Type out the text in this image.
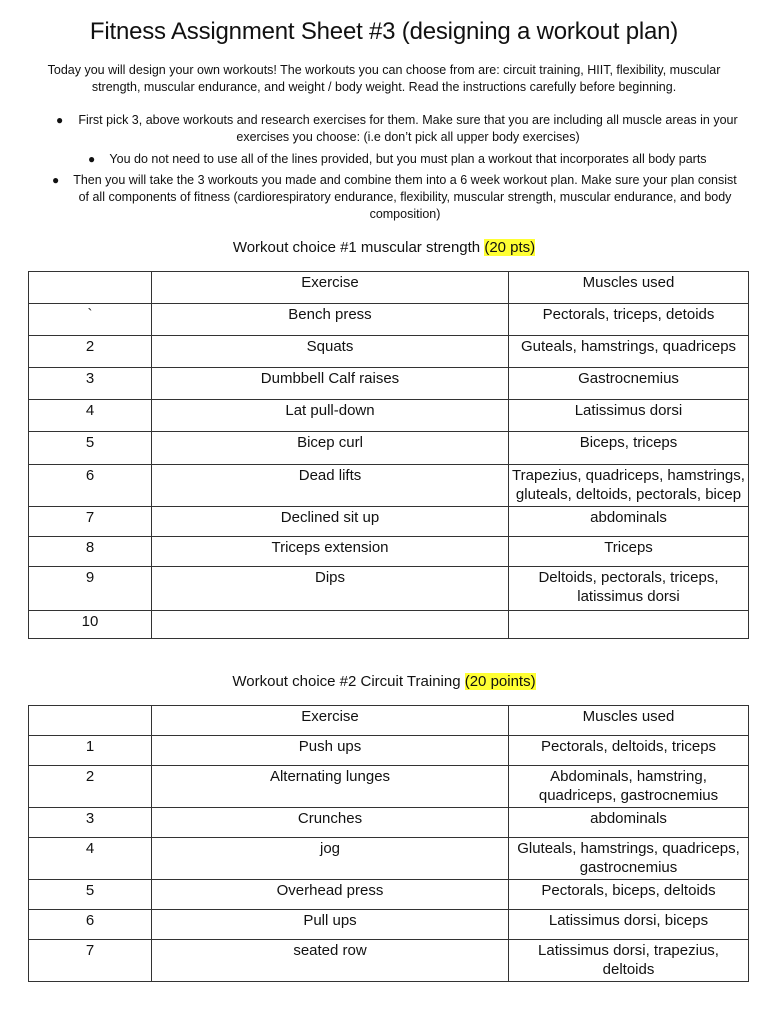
Fitness Assignment Sheet #3 (designing a workout plan)
Today you will design your own workouts! The workouts you can choose from are: circuit training, HIIT, flexibility, muscular strength, muscular endurance, and weight / body weight. Read the instructions carefully before beginning.
●	First pick 3, above workouts and research exercises for them. Make sure that you are including all muscle areas in your exercises you choose: (i.e don’t pick all upper body exercises)
●	You do not need to use all of the lines provided, but you must plan a workout that incorporates all body parts
●	Then you will take the 3 workouts you made and combine them into a 6 week workout plan. Make sure your plan consist of all components of fitness (cardiorespiratory endurance, flexibility, muscular strength, muscular endurance, and body composition)
Workout choice #1 muscular strength (20 pts)
	Exercise	Muscles used
`	Bench press	Pectorals, triceps, detoids
2	Squats	Guteals, hamstrings, quadriceps
3	Dumbbell Calf raises	Gastrocnemius
4	Lat pull-down	Latissimus dorsi
5	Bicep curl	Biceps, triceps
6	Dead lifts	Trapezius, quadriceps, hamstrings, gluteals, deltoids, pectorals, bicep
7	Declined sit up	abdominals
8	Triceps extension	Triceps
9	Dips	Deltoids, pectorals, triceps, latissimus dorsi
10		
Workout choice #2 Circuit Training (20 points)
	Exercise	Muscles used
1	Push ups	Pectorals, deltoids, triceps
2	Alternating lunges	Abdominals, hamstring, quadriceps, gastrocnemius
3	Crunches	abdominals
4	jog	Gluteals, hamstrings, quadriceps, gastrocnemius
5	Overhead press	Pectorals, biceps, deltoids
6	Pull ups	Latissimus dorsi, biceps
7	seated row	Latissimus dorsi, trapezius, deltoids
